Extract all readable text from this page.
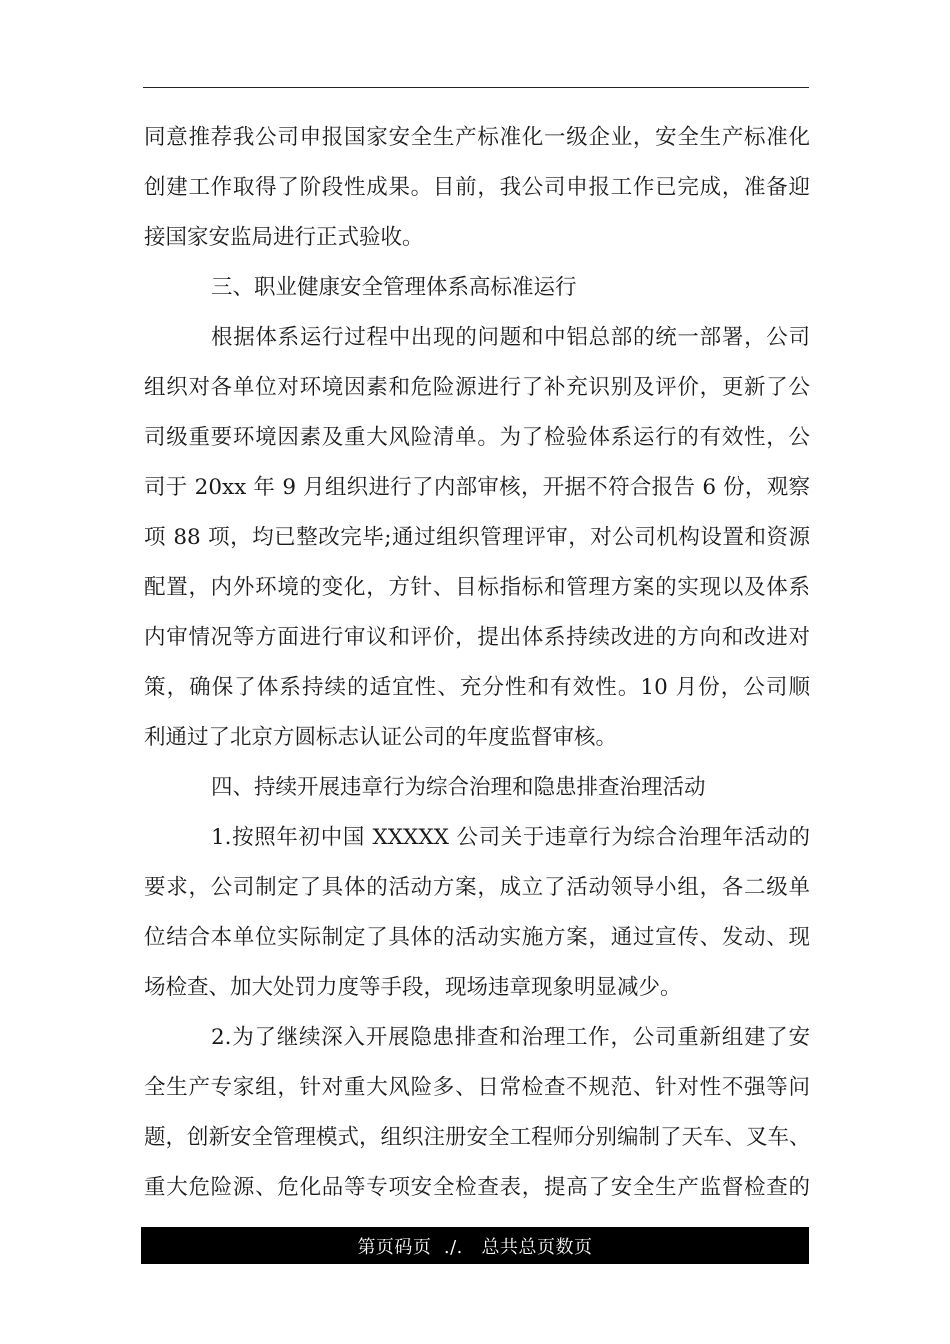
同意推荐我公司申报国家安全生产标准化一级企业，安全生产标准化
创建工作取得了阶段性成果。目前，我公司申报工作已完成，准备迎
接国家安监局进行正式验收。
三、职业健康安全管理体系高标准运行
根据体系运行过程中出现的问题和中铝总部的统一部署，公司
组织对各单位对环境因素和危险源进行了补充识别及评价，更新了公
司级重要环境因素及重大风险清单。为了检验体系运行的有效性，公
司于 20xx 年 9 月组织进行了内部审核，开据不符合报告 6 份，观察
项 88 项，均已整改完毕;通过组织管理评审，对公司机构设置和资源
配置，内外环境的变化，方针、目标指标和管理方案的实现以及体系
内审情况等方面进行审议和评价，提出体系持续改进的方向和改进对
策，确保了体系持续的适宜性、充分性和有效性。10 月份，公司顺
利通过了北京方圆标志认证公司的年度监督审核。
四、持续开展违章行为综合治理和隐患排查治理活动
1.按照年初中国 XXXXX 公司关于违章行为综合治理年活动的
要求，公司制定了具体的活动方案，成立了活动领导小组，各二级单
位结合本单位实际制定了具体的活动实施方案，通过宣传、发动、现
场检查、加大处罚力度等手段，现场违章现象明显减少。
2.为了继续深入开展隐患排查和治理工作，公司重新组建了安
全生产专家组，针对重大风险多、日常检查不规范、针对性不强等问
题，创新安全管理模式，组织注册安全工程师分别编制了天车、叉车、
重大危险源、危化品等专项安全检查表，提高了安全生产监督检查的
第页码页  ./.   总共总页数页
